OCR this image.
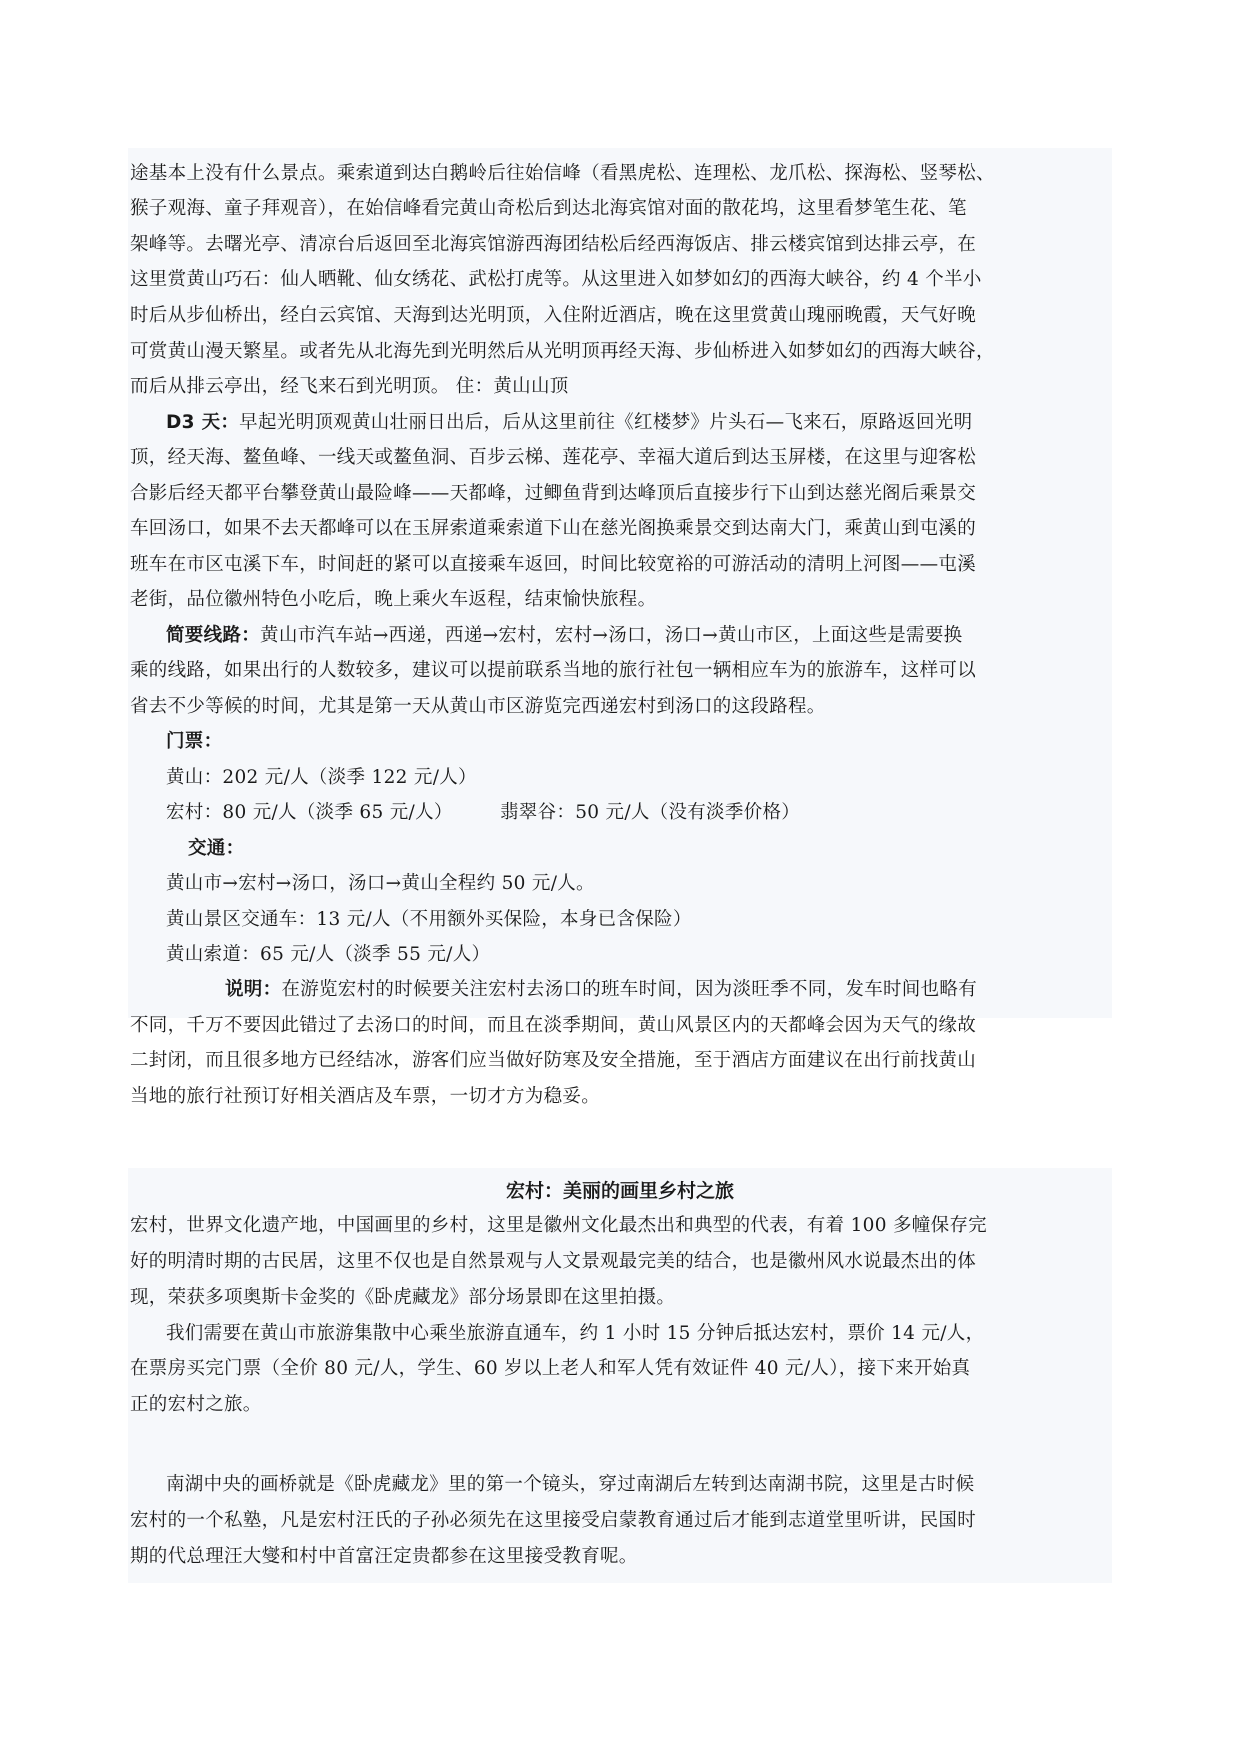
途基本上没有什么景点。乘索道到达白鹅岭后往始信峰（看黑虎松、连理松、龙爪松、探海松、竖琴松、
猴子观海、童子拜观音），在始信峰看完黄山奇松后到达北海宾馆对面的散花坞，这里看梦笔生花、笔
架峰等。去曙光亭、清凉台后返回至北海宾馆游西海团结松后经西海饭店、排云楼宾馆到达排云亭，在
这里赏黄山巧石：仙人晒靴、仙女绣花、武松打虎等。从这里进入如梦如幻的西海大峡谷，约 4 个半小
时后从步仙桥出，经白云宾馆、天海到达光明顶，入住附近酒店，晚在这里赏黄山瑰丽晚霞，天气好晚
可赏黄山漫天繁星。或者先从北海先到光明然后从光明顶再经天海、步仙桥进入如梦如幻的西海大峡谷，
而后从排云亭出，经飞来石到光明顶。 住：黄山山顶
D3 天：早起光明顶观黄山壮丽日出后，后从这里前往《红楼梦》片头石—飞来石，原路返回光明
顶，经天海、鳌鱼峰、一线天或鳌鱼洞、百步云梯、莲花亭、幸福大道后到达玉屏楼，在这里与迎客松
合影后经天都平台攀登黄山最险峰——天都峰，过鲫鱼背到达峰顶后直接步行下山到达慈光阁后乘景交
车回汤口，如果不去天都峰可以在玉屏索道乘索道下山在慈光阁换乘景交到达南大门，乘黄山到屯溪的
班车在市区屯溪下车，时间赶的紧可以直接乘车返回，时间比较宽裕的可游活动的清明上河图——屯溪
老街，品位徽州特色小吃后，晚上乘火车返程，结束愉快旅程。
简要线路：黄山市汽车站→西递，西递→宏村，宏村→汤口，汤口→黄山市区，上面这些是需要换
乘的线路，如果出行的人数较多，建议可以提前联系当地的旅行社包一辆相应车为的旅游车，这样可以
省去不少等候的时间，尤其是第一天从黄山市区游览完西递宏村到汤口的这段路程。
门票：
黄山：202 元/人（淡季 122 元/人）
宏村：80 元/人（淡季 65 元/人）	翡翠谷：50 元/人（没有淡季价格）
交通：
黄山市→宏村→汤口，汤口→黄山全程约 50 元/人。
黄山景区交通车：13 元/人（不用额外买保险，本身已含保险）
黄山索道：65 元/人（淡季 55 元/人）
说明：在游览宏村的时候要关注宏村去汤口的班车时间，因为淡旺季不同，发车时间也略有
不同，千万不要因此错过了去汤口的时间，而且在淡季期间，黄山风景区内的天都峰会因为天气的缘故
二封闭，而且很多地方已经结冰，游客们应当做好防寒及安全措施，至于酒店方面建议在出行前找黄山
当地的旅行社预订好相关酒店及车票，一切才方为稳妥。
宏村：美丽的画里乡村之旅
宏村，世界文化遗产地，中国画里的乡村，这里是徽州文化最杰出和典型的代表，有着 100 多幢保存完
好的明清时期的古民居，这里不仅也是自然景观与人文景观最完美的结合，也是徽州风水说最杰出的体
现，荣获多项奥斯卡金奖的《卧虎藏龙》部分场景即在这里拍摄。
我们需要在黄山市旅游集散中心乘坐旅游直通车，约 1 小时 15 分钟后抵达宏村，票价 14 元/人，
在票房买完门票（全价 80 元/人，学生、60 岁以上老人和军人凭有效证件 40 元/人），接下来开始真
正的宏村之旅。
南湖中央的画桥就是《卧虎藏龙》里的第一个镜头，穿过南湖后左转到达南湖书院，这里是古时候
宏村的一个私塾，凡是宏村汪氏的子孙必须先在这里接受启蒙教育通过后才能到志道堂里听讲，民国时
期的代总理汪大燮和村中首富汪定贵都参在这里接受教育呢。
